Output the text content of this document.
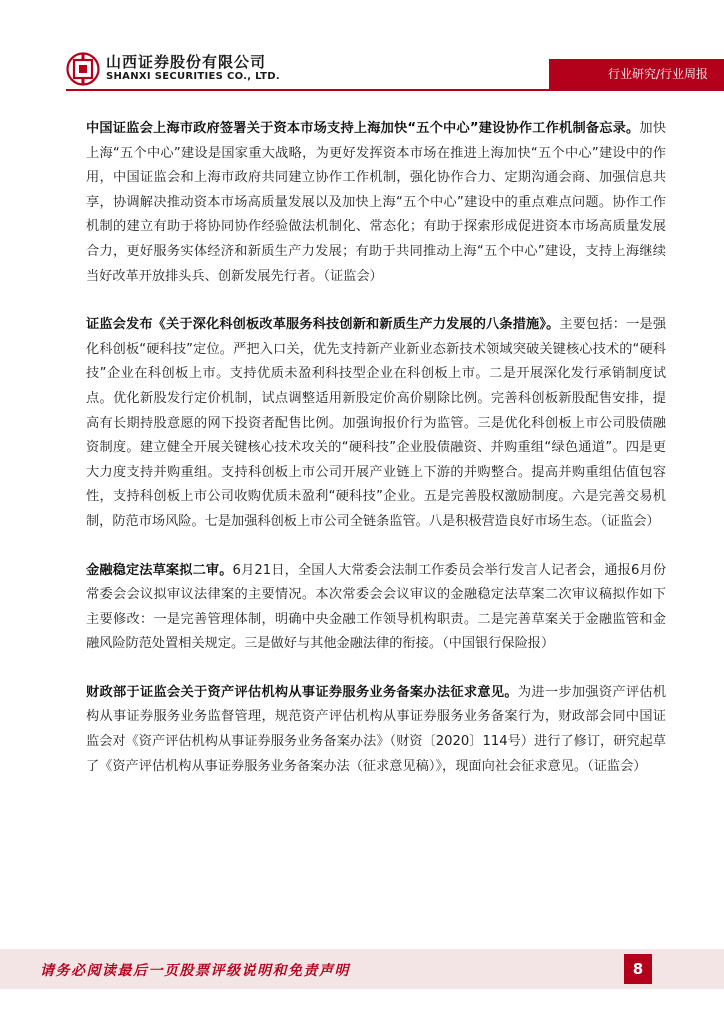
山西证券股份有限公司
SHANXI SECURITIES CO., LTD.	行业研究/行业周报

中国证监会上海市政府签署关于资本市场支持上海加快“五个中心”建设协作工作机制备忘录。加快上海“五个中心”建设是国家重大战略，为更好发挥资本市场在推进上海加快“五个中心”建设中的作用，中国证监会和上海市政府共同建立协作工作机制，强化协作合力、定期沟通会商、加强信息共享，协调解决推动资本市场高质量发展以及加快上海“五个中心”建设中的重点难点问题。协作工作机制的建立有助于将协同协作经验做法机制化、常态化；有助于探索形成促进资本市场高质量发展合力，更好服务实体经济和新质生产力发展；有助于共同推动上海“五个中心”建设，支持上海继续当好改革开放排头兵、创新发展先行者。（证监会）

证监会发布《关于深化科创板改革服务科技创新和新质生产力发展的八条措施》。主要包括：一是强化科创板“硬科技”定位。严把入口关，优先支持新产业新业态新技术领域突破关键核心技术的“硬科技”企业在科创板上市。支持优质未盈利科技型企业在科创板上市。二是开展深化发行承销制度试点。优化新股发行定价机制，试点调整适用新股定价高价剔除比例。完善科创板新股配售安排，提高有长期持股意愿的网下投资者配售比例。加强询报价行为监管。三是优化科创板上市公司股债融资制度。建立健全开展关键核心技术攻关的“硬科技”企业股债融资、并购重组“绿色通道”。四是更大力度支持并购重组。支持科创板上市公司开展产业链上下游的并购整合。提高并购重组估值包容性，支持科创板上市公司收购优质未盈利“硬科技”企业。五是完善股权激励制度。六是完善交易机制，防范市场风险。七是加强科创板上市公司全链条监管。八是积极营造良好市场生态。（证监会）

金融稳定法草案拟二审。6月21日，全国人大常委会法制工作委员会举行发言人记者会，通报6月份常委会会议拟审议法律案的主要情况。本次常委会会议审议的金融稳定法草案二次审议稿拟作如下主要修改：一是完善管理体制，明确中央金融工作领导机构职责。二是完善草案关于金融监管和金融风险防范处置相关规定。三是做好与其他金融法律的衔接。（中国银行保险报）

财政部于证监会关于资产评估机构从事证券服务业务备案办法征求意见。为进一步加强资产评估机构从事证券服务业务监督管理，规范资产评估机构从事证券服务业务备案行为，财政部会同中国证监会对《资产评估机构从事证券服务业务备案办法》（财资〔2020〕114号）进行了修订，研究起草了《资产评估机构从事证券服务业务备案办法（征求意见稿）》，现面向社会征求意见。（证监会）

请务必阅读最后一页股票评级说明和免责声明	8
